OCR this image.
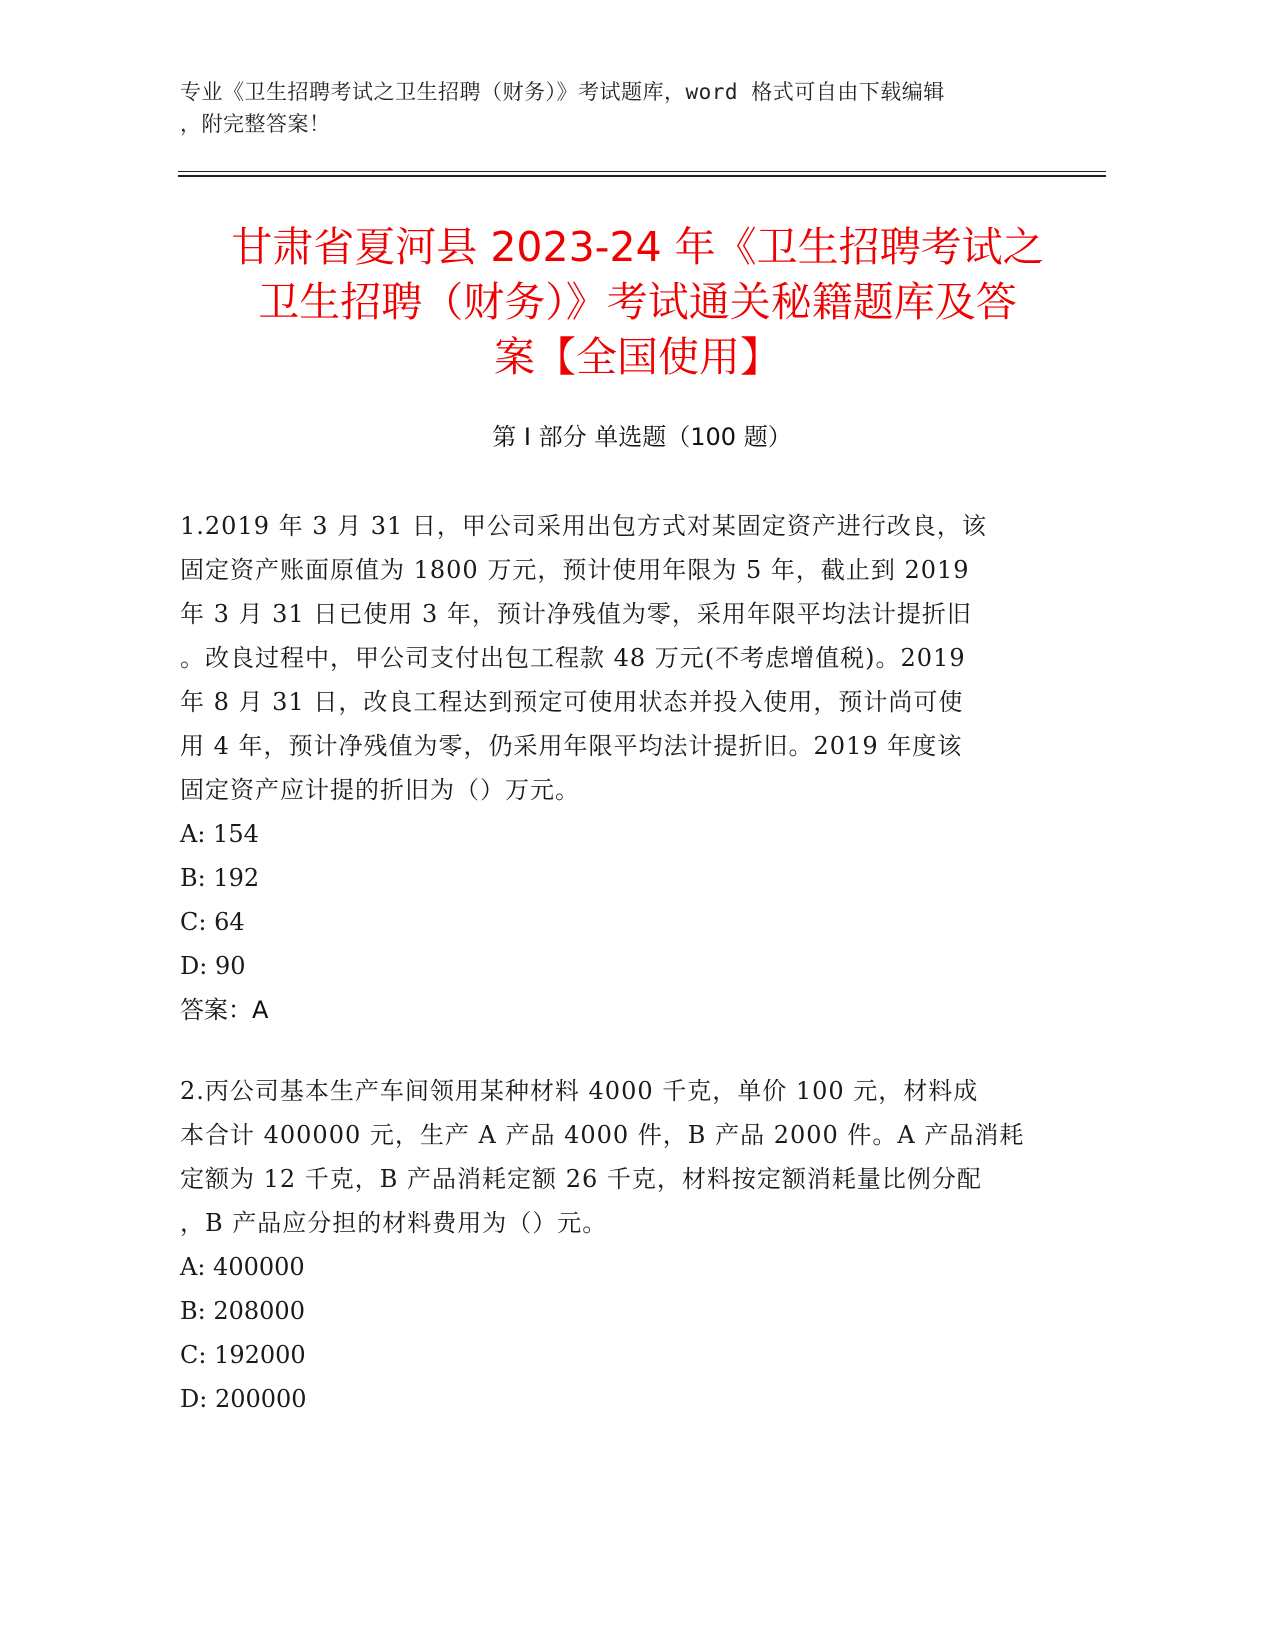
专业《卫生招聘考试之卫生招聘（财务）》考试题库，word 格式可自由下载编辑
，附完整答案！
甘肃省夏河县 2023-24 年《卫生招聘考试之
卫生招聘（财务）》考试通关秘籍题库及答
案【全国使用】
第 I 部分 单选题（100 题）
1.2019 年 3 月 31 日，甲公司采用出包方式对某固定资产进行改良，该
固定资产账面原值为 1800 万元，预计使用年限为 5 年，截止到 2019
年 3 月 31 日已使用 3 年，预计净残值为零，采用年限平均法计提折旧
。改良过程中，甲公司支付出包工程款 48 万元(不考虑增值税)。2019
年 8 月 31 日，改良工程达到预定可使用状态并投入使用，预计尚可使
用 4 年，预计净残值为零，仍采用年限平均法计提折旧。2019 年度该
固定资产应计提的折旧为（）万元。
A: 154
B: 192
C: 64
D: 90
答案：A
2.丙公司基本生产车间领用某种材料 4000 千克，单价 100 元，材料成
本合计 400000 元，生产 A 产品 4000 件，B 产品 2000 件。A 产品消耗
定额为 12 千克，B 产品消耗定额 26 千克，材料按定额消耗量比例分配
，B 产品应分担的材料费用为（）元。
A: 400000
B: 208000
C: 192000
D: 200000
